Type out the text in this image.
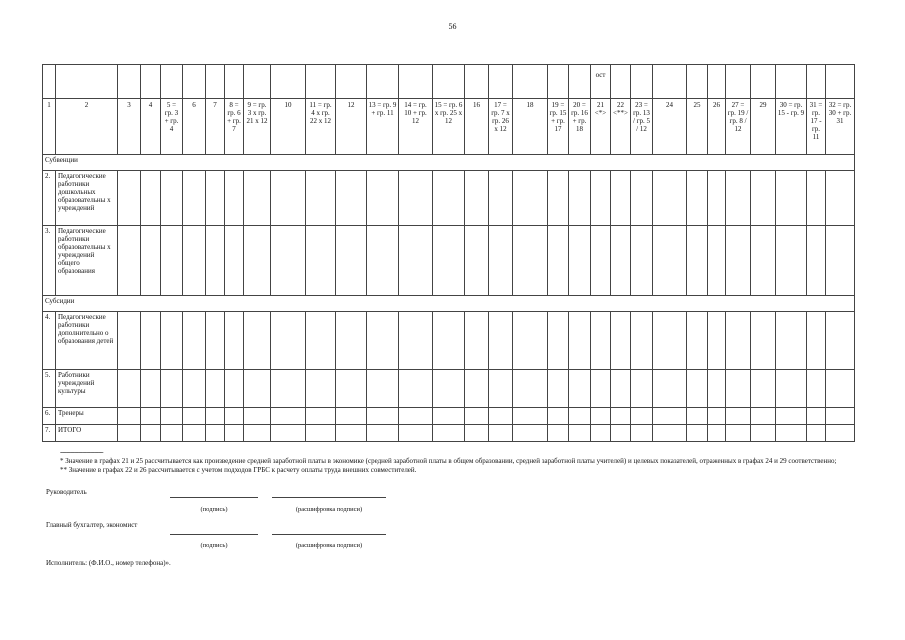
56

																				ост										

1	2	3	4	5 = гр. 3 + гр. 4	6	7	8 = гр. 6 + гр. 7	9 = гр. 3 х гр. 21 х 12	10	11 = гр. 4 х гр. 22 х 12	12	13 = гр. 9 + гр. 11	14 = гр. 10 + гр. 12	15 = гр. 6 х гр. 25 х 12	16	17 = гр. 7 х гр. 26 х 12	18	19 = гр. 15 + гр. 17	20 = гр. 16 + гр. 18	21 <*>	22 <**>	23 = гр. 13 / гр. 5 / 12	24	25	26	27 = гр. 19 / гр. 8 / 12	29	30 = гр. 15 - гр. 9	31 = гр. 17 - гр. 11	32 = гр. 30 + гр. 31
Субвенции																														
2.	Педагогические работники дошкольных образовательны х учреждений																													
3.	Педагогические работники образовательны х учреждений общего образования																													
Субсидии																														
4.	Педагогические работники дополнительно о образования детей																													
5.	Работники учреждений культуры																													
6.	Тренеры																													
7.	ИТОГО																													
--------------------------------
* Значение в графах 21 и 25 рассчитывается как произведение средней заработной платы в экономике (средней заработной платы в общем образовании, средней заработной платы учителей) и целевых показателей, отраженных в графах 24 и 29 соответственно;
** Значение в графах 22 и 26 рассчитывается с учетом подходов ГРБС к расчету оплаты труда внешних совместителей.
Руководитель
(подпись)	(расшифровка подписи)
Главный бухгалтер, экономист
(подпись)	(расшифровка подписи)
Исполнитель: (Ф.И.О., номер телефона)».
